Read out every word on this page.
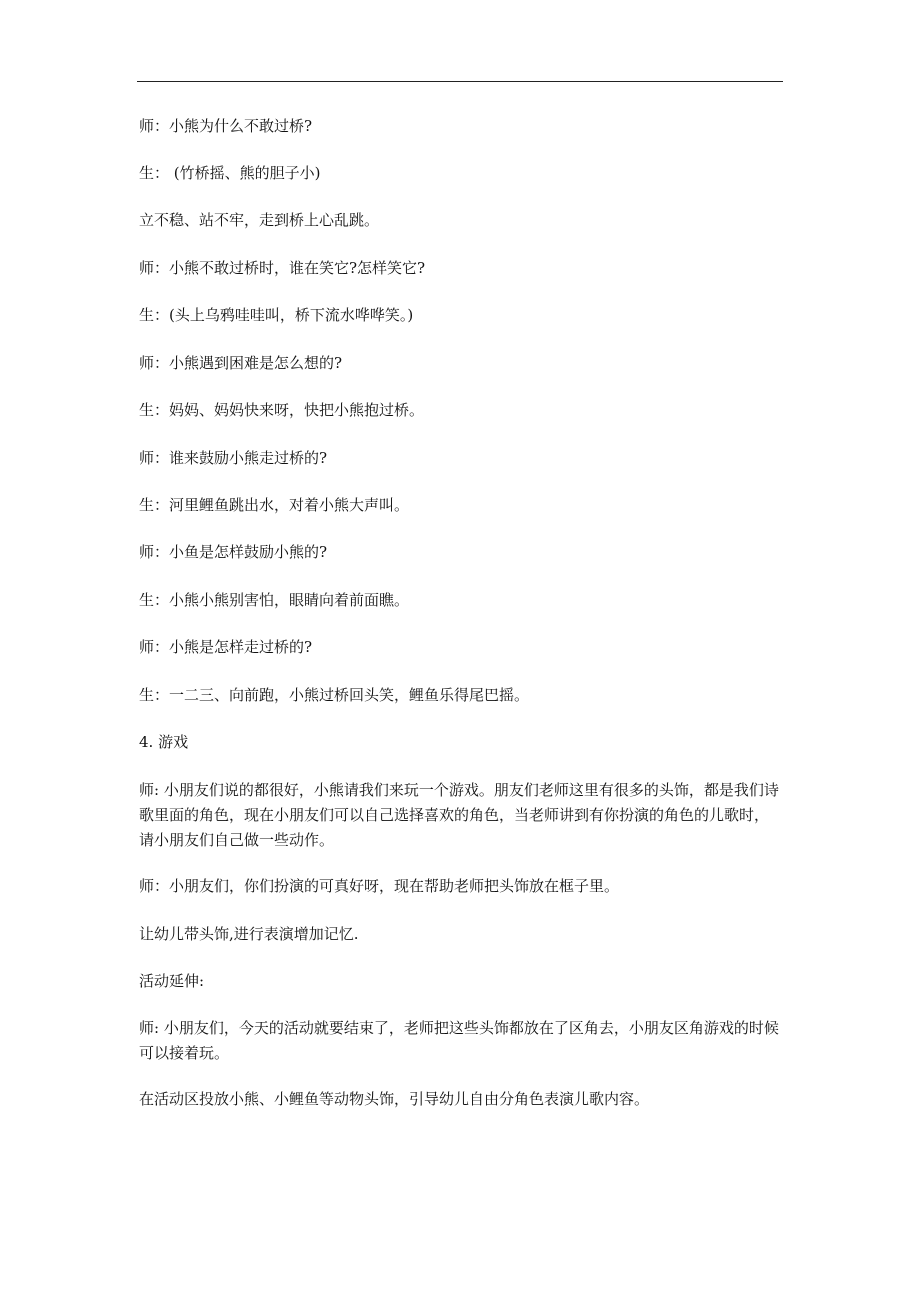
师：小熊为什么不敢过桥?
生： (竹桥摇、熊的胆子小)
立不稳、站不牢，走到桥上心乱跳。
师：小熊不敢过桥时，谁在笑它?怎样笑它?
生：(头上乌鸦哇哇叫，桥下流水哗哗笑。)
师：小熊遇到困难是怎么想的?
生：妈妈、妈妈快来呀，快把小熊抱过桥。
师：谁来鼓励小熊走过桥的?
生：河里鲤鱼跳出水，对着小熊大声叫。
师：小鱼是怎样鼓励小熊的?
生：小熊小熊别害怕，眼睛向着前面瞧。
师：小熊是怎样走过桥的?
生：一二三、向前跑，小熊过桥回头笑，鲤鱼乐得尾巴摇。
4. 游戏
师: 小朋友们说的都很好，小熊请我们来玩一个游戏。朋友们老师这里有很多的头饰，都是我们诗歌里面的角色，现在小朋友们可以自己选择喜欢的角色，当老师讲到有你扮演的角色的儿歌时，请小朋友们自己做一些动作。
师：小朋友们，你们扮演的可真好呀，现在帮助老师把头饰放在框子里。
让幼儿带头饰,进行表演增加记忆.
活动延伸:
师: 小朋友们，今天的活动就要结束了，老师把这些头饰都放在了区角去，小朋友区角游戏的时候可以接着玩。
在活动区投放小熊、小鲤鱼等动物头饰，引导幼儿自由分角色表演儿歌内容。
